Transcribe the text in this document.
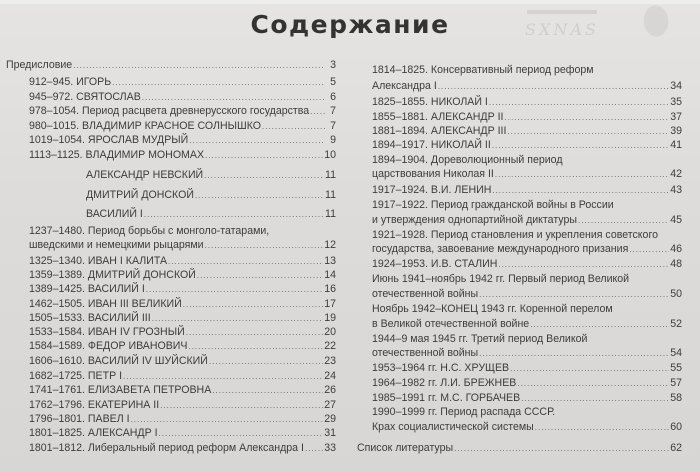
SXNAS
Содержание
Предисловие .....	3
912–945. ИГОРЬ .....	5
945–972. СВЯТОСЛАВ .....	6
978–1054. Период расцвета древнерусского государства .....	7
980–1015. ВЛАДИМИР КРАСНОЕ СОЛНЫШКО .....	7
1019–1054. ЯРОСЛАВ МУДРЫЙ .....	9
1113–1125. ВЛАДИМИР МОНОМАХ .....	10
АЛЕКСАНДР НЕВСКИЙ .....	11
ДМИТРИЙ ДОНСКОЙ .....	11
ВАСИЛИЙ I .....	11
1237–1480. Период борьбы с монголо-татарами,
шведскими и немецкими рыцарями .....	12
1325–1340. ИВАН I КАЛИТА .....	13
1359–1389. ДМИТРИЙ ДОНСКОЙ .....	14
1389–1425. ВАСИЛИЙ I .....	16
1462–1505. ИВАН III ВЕЛИКИЙ .....	17
1505–1533. ВАСИЛИЙ III .....	19
1533–1584. ИВАН IV ГРОЗНЫЙ .....	20
1584–1589. ФЕДОР ИВАНОВИЧ .....	22
1606–1610. ВАСИЛИЙ IV ШУЙСКИЙ .....	23
1682–1725. ПЕТР I .....	24
1741–1761. ЕЛИЗАВЕТА ПЕТРОВНА .....	26
1762–1796. ЕКАТЕРИНА II .....	27
1796–1801. ПАВЕЛ I .....	29
1801–1825. АЛЕКСАНДР I .....	31
1801–1812. Либеральный период реформ Александра I ..... 33
1814–1825. Консервативный период реформ
Александра I .....	34
1825–1855. НИКОЛАЙ I .....	35
1855–1881. АЛЕКСАНДР II .....	37
1881–1894. АЛЕКСАНДР III .....	39
1894–1917. НИКОЛАЙ II .....	41
1894–1904. Дореволюционный период
царствования Николая II .....	42
1917–1924. В.И. ЛЕНИН .....	43
1917–1922. Период гражданской войны в России
и утверждения однопартийной диктатуры .....	45
1921–1928. Период становления и укрепления советского
государства, завоевание международного призания .....	46
1924–1953. И.В. СТАЛИН .....	48
Июнь 1941–ноябрь 1942 гг. Первый период Великой
отечественной войны .....	50
Ноябрь 1942–КОНЕЦ 1943 гг. Коренной перелом
в Великой отечественной войне .....	52
1944–9 мая 1945 гг. Третий период Великой
отечественной войны .....	54
1953–1964 гг. Н.С. ХРУЩЕВ .....	55
1964–1982 гг. Л.И. БРЕЖНЕВ .....	57
1985–1991 гг. М.С. ГОРБАЧЕВ .....	58
1990–1999 гг. Период распада СССР.
Крах социалистической системы .....	60
Список литературы .....	62
